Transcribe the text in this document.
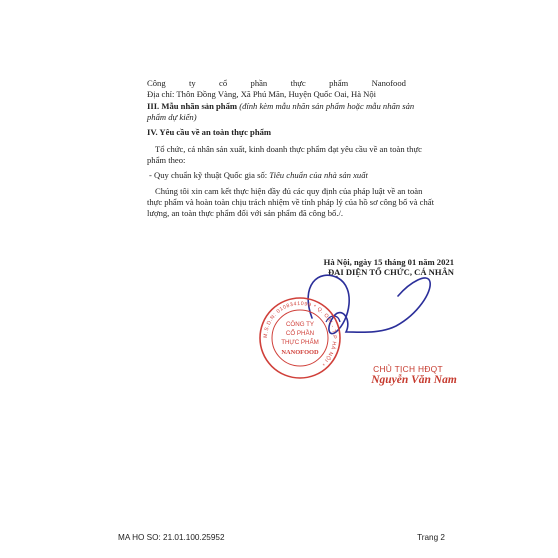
Công	ty	cổ	phần	thực	phẩm	Nanofood
Địa chỉ: Thôn Đồng Vàng, Xã Phú Mãn, Huyện Quốc Oai, Hà Nội
III. Mẫu nhãn sản phẩm (đính kèm mẫu nhãn sản phẩm hoặc mẫu nhãn sản
phẩm dự kiến)
IV. Yêu cầu về an toàn thực phẩm
Tổ chức, cá nhân sản xuất, kinh doanh thực phẩm đạt yêu cầu về an toàn thực
phẩm theo:
- Quy chuẩn kỹ thuật Quốc gia số: Tiêu chuẩn của nhà sản xuất
Chúng tôi xin cam kết thực hiện đầy đủ các quy định của pháp luật về an toàn
thực phẩm và hoàn toàn chịu trách nhiệm về tính pháp lý của hồ sơ công bố và chất
lượng, an toàn thực phẩm đối với sản phẩm đã công bố./.
Hà Nội, ngày 15 tháng 01 năm 2021
ĐẠI DIỆN TỔ CHỨC, CÁ NHÂN
M.S.D.N: 0108341099 * Q. OAI - T.P HÀ NỘI *
CÔNG TY
CỔ PHẦN
THỰC PHẨM
NANOFOOD
CHỦ TỊCH HĐQT
Nguyễn Văn Nam
MA HO SO: 21.01.100.25952	Trang 2
